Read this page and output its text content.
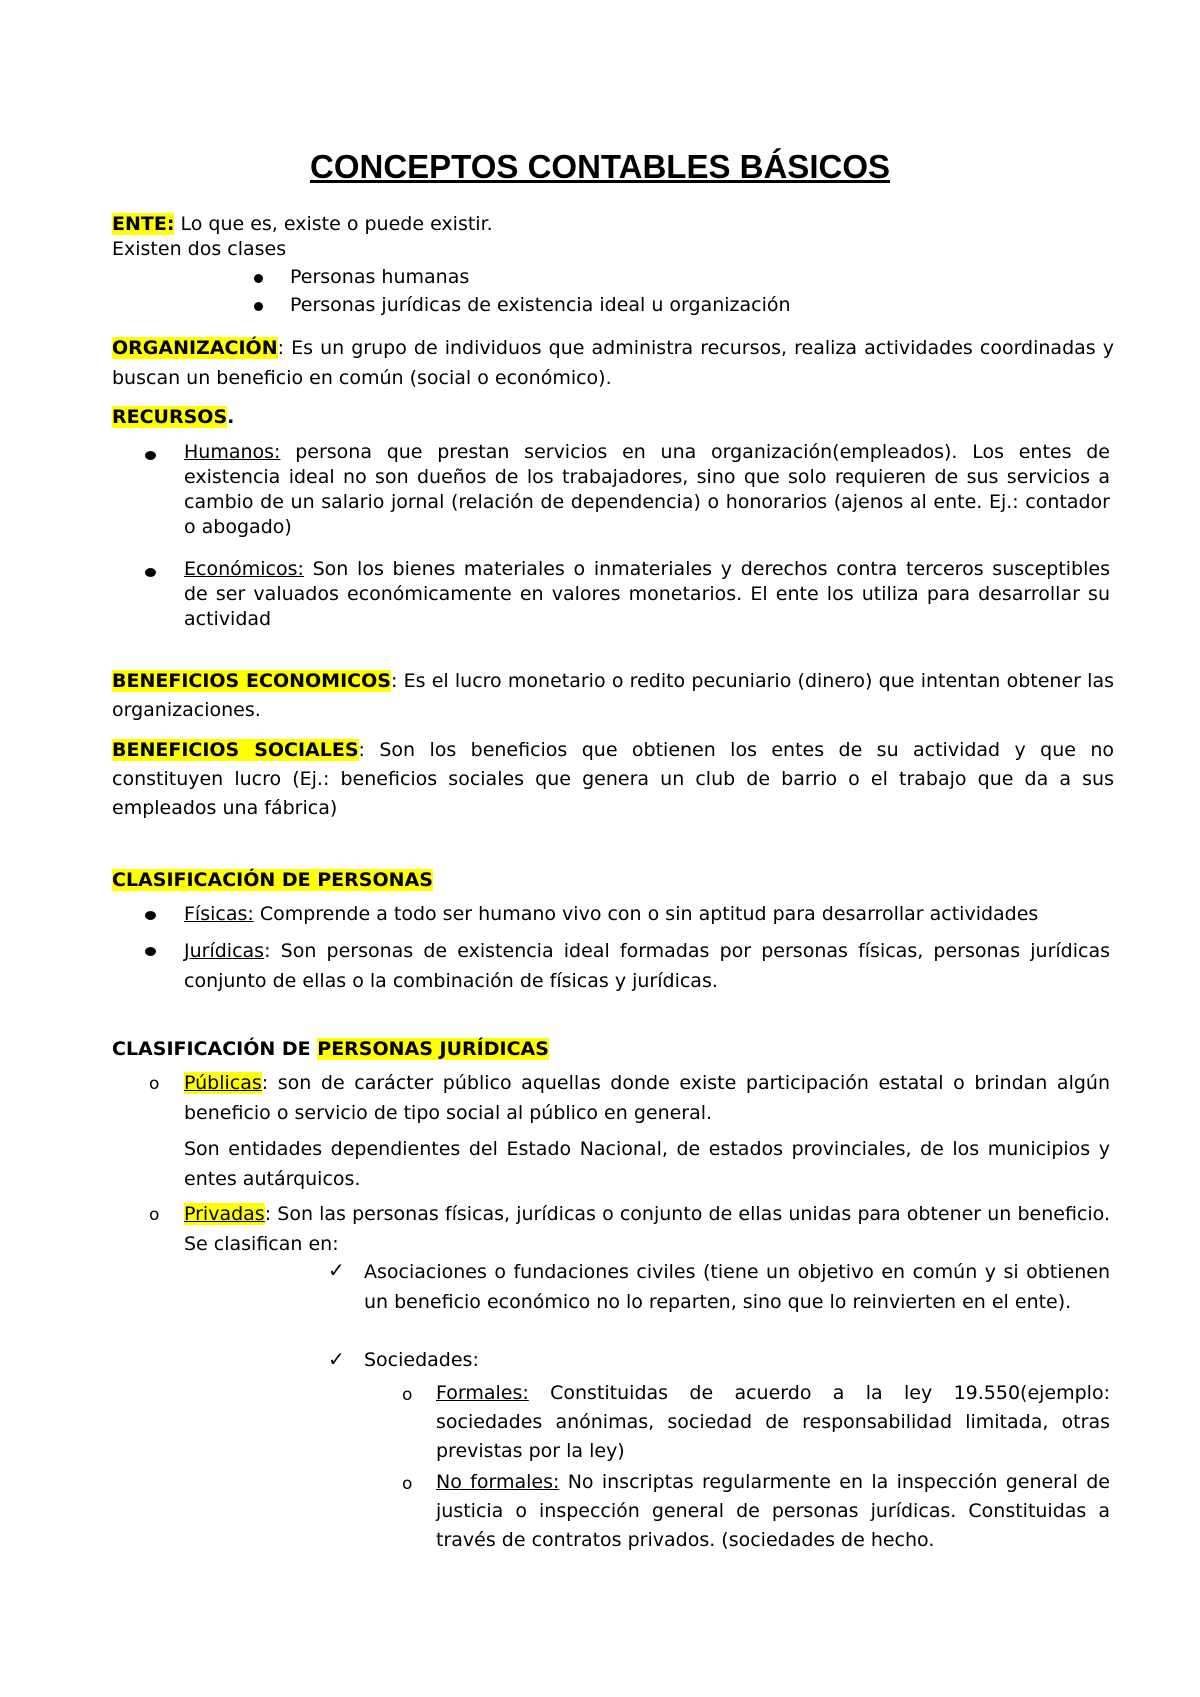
CONCEPTOS CONTABLES BÁSICOS
ENTE: Lo que es, existe o puede existir.
Existen dos clases
Personas humanas
Personas jurídicas de existencia ideal u organización
ORGANIZACIÓN: Es un grupo de individuos que administra recursos, realiza actividades coordinadas y buscan un beneficio en común (social o económico).
RECURSOS.
Humanos: persona que prestan servicios en una organización(empleados). Los entes de existencia ideal no son dueños de los trabajadores, sino que solo requieren de sus servicios a cambio de un salario jornal (relación de dependencia) o honorarios (ajenos al ente. Ej.: contador o abogado)
Económicos: Son los bienes materiales o inmateriales y derechos contra terceros susceptibles de ser valuados económicamente en valores monetarios. El ente los utiliza para desarrollar su actividad
BENEFICIOS ECONOMICOS: Es el lucro monetario o redito pecuniario (dinero) que intentan obtener las organizaciones.
BENEFICIOS SOCIALES: Son los beneficios que obtienen los entes de su actividad y que no constituyen lucro (Ej.: beneficios sociales que genera un club de barrio o el trabajo que da a sus empleados una fábrica)
CLASIFICACIÓN DE PERSONAS
Físicas: Comprende a todo ser humano vivo con o sin aptitud para desarrollar actividades
Jurídicas: Son personas de existencia ideal formadas por personas físicas, personas jurídicas conjunto de ellas o la combinación de físicas y jurídicas.
CLASIFICACIÓN DE PERSONAS JURÍDICAS
o Públicas: son de carácter público aquellas donde existe participación estatal o brindan algún beneficio o servicio de tipo social al público en general.
Son entidades dependientes del Estado Nacional, de estados provinciales, de los municipios y entes autárquicos.
o Privadas: Son las personas físicas, jurídicas o conjunto de ellas unidas para obtener un beneficio. Se clasifican en:
✓ Asociaciones o fundaciones civiles (tiene un objetivo en común y si obtienen un beneficio económico no lo reparten, sino que lo reinvierten en el ente).
✓ Sociedades:
o Formales: Constituidas de acuerdo a la ley 19.550(ejemplo: sociedades anónimas, sociedad de responsabilidad limitada, otras previstas por la ley)
o No formales: No inscriptas regularmente en la inspección general de justicia o inspección general de personas jurídicas. Constituidas a través de contratos privados. (sociedades de hecho.
